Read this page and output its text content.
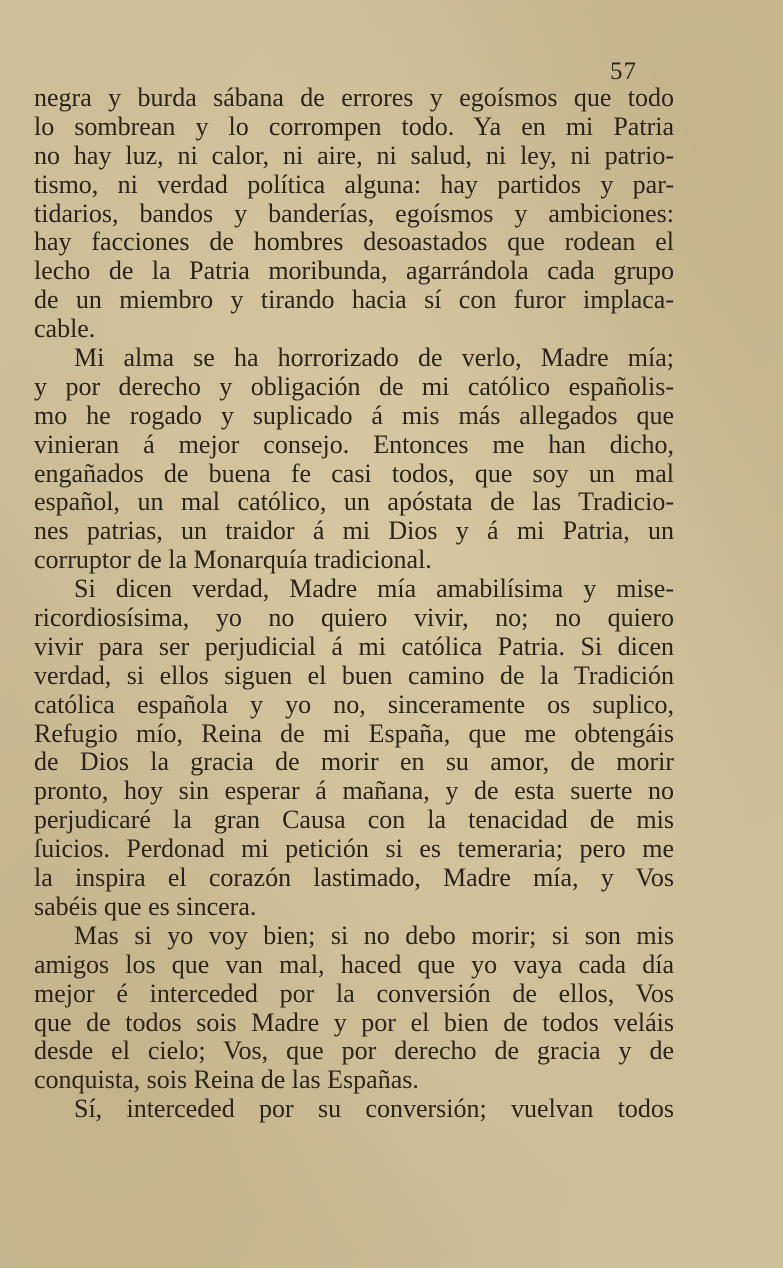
57
negra y burda sábana de errores y egoísmos que todo
lo sombrean y lo corrompen todo. Ya en mi Patria
no hay luz, ni calor, ni aire, ni salud, ni ley, ni patrio-
tismo, ni verdad política alguna: hay partidos y par-
tidarios, bandos y banderías, egoísmos y ambiciones:
hay facciones de hombres desoastados que rodean el
lecho de la Patria moribunda, agarrándola cada grupo
de un miembro y tirando hacia sí con furor implaca-
cable.
Mi alma se ha horrorizado de verlo, Madre mía;
y por derecho y obligación de mi católico españolis-
mo he rogado y suplicado á mis más allegados que
vinieran á mejor consejo. Entonces me han dicho,
engañados de buena fe casi todos, que soy un mal
español, un mal católico, un apóstata de las Tradicio-
nes patrias, un traidor á mi Dios y á mi Patria, un
corruptor de la Monarquía tradicional.
Si dicen verdad, Madre mía amabilísima y mise-
ricordiosísima, yo no quiero vivir, no; no quiero
vivir para ser perjudicial á mi católica Patria. Si dicen
verdad, si ellos siguen el buen camino de la Tradición
católica española y yo no, sinceramente os suplico,
Refugio mío, Reina de mi España, que me obtengáis
de Dios la gracia de morir en su amor, de morir
pronto, hoy sin esperar á mañana, y de esta suerte no
perjudicaré la gran Causa con la tenacidad de mis
ſuicios. Perdonad mi petición si es temeraria; pero me
la inspira el corazón lastimado, Madre mía, y Vos
sabéis que es sincera.
Mas si yo voy bien; si no debo morir; si son mis
amigos los que van mal, haced que yo vaya cada día
mejor é interceded por la conversión de ellos, Vos
que de todos sois Madre y por el bien de todos veláis
desde el cielo; Vos, que por derecho de gracia y de
conquista, sois Reina de las Españas.
Sí, interceded por su conversión; vuelvan todos
